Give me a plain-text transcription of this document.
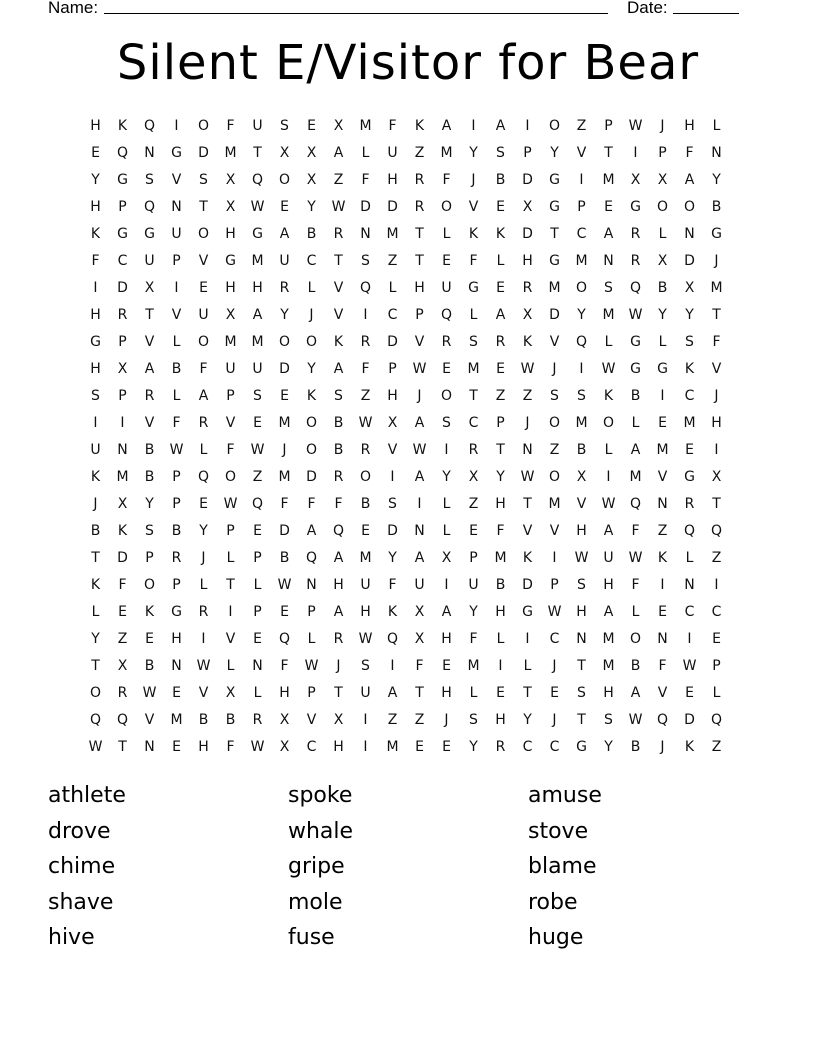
Name:	Date:
Silent E/Visitor for Bear
H	K	Q	I	O	F	U	S	E	X	M	F	K	A	I	A	I	O	Z	P	W	J	H	L
E	Q	N	G	D	M	T	X	X	A	L	U	Z	M	Y	S	P	Y	V	T	I	P	F	N
Y	G	S	V	S	X	Q	O	X	Z	F	H	R	F	J	B	D	G	I	M	X	X	A	Y
H	P	Q	N	T	X	W	E	Y	W	D	D	R	O	V	E	X	G	P	E	G	O	O	B
K	G	G	U	O	H	G	A	B	R	N	M	T	L	K	K	D	T	C	A	R	L	N	G
F	C	U	P	V	G	M	U	C	T	S	Z	T	E	F	L	H	G	M	N	R	X	D	J
I	D	X	I	E	H	H	R	L	V	Q	L	H	U	G	E	R	M	O	S	Q	B	X	M
H	R	T	V	U	X	A	Y	J	V	I	C	P	Q	L	A	X	D	Y	M	W	Y	Y	T
G	P	V	L	O	M	M	O	O	K	R	D	V	R	S	R	K	V	Q	L	G	L	S	F
H	X	A	B	F	U	U	D	Y	A	F	P	W	E	M	E	W	J	I	W	G	G	K	V
S	P	R	L	A	P	S	E	K	S	Z	H	J	O	T	Z	Z	S	S	K	B	I	C	J
I	I	V	F	R	V	E	M	O	B	W	X	A	S	C	P	J	O	M	O	L	E	M	H
U	N	B	W	L	F	W	J	O	B	R	V	W	I	R	T	N	Z	B	L	A	M	E	I
K	M	B	P	Q	O	Z	M	D	R	O	I	A	Y	X	Y	W	O	X	I	M	V	G	X
J	X	Y	P	E	W	Q	F	F	F	B	S	I	L	Z	H	T	M	V	W	Q	N	R	T
B	K	S	B	Y	P	E	D	A	Q	E	D	N	L	E	F	V	V	H	A	F	Z	Q	Q
T	D	P	R	J	L	P	B	Q	A	M	Y	A	X	P	M	K	I	W	U	W	K	L	Z
K	F	O	P	L	T	L	W	N	H	U	F	U	I	U	B	D	P	S	H	F	I	N	I
L	E	K	G	R	I	P	E	P	A	H	K	X	A	Y	H	G	W	H	A	L	E	C	C
Y	Z	E	H	I	V	E	Q	L	R	W	Q	X	H	F	L	I	C	N	M	O	N	I	E
T	X	B	N	W	L	N	F	W	J	S	I	F	E	M	I	L	J	T	M	B	F	W	P
O	R	W	E	V	X	L	H	P	T	U	A	T	H	L	E	T	E	S	H	A	V	E	L
Q	Q	V	M	B	B	R	X	V	X	I	Z	Z	J	S	H	Y	J	T	S	W	Q	D	Q
W	T	N	E	H	F	W	X	C	H	I	M	E	E	Y	R	C	C	G	Y	B	J	K	Z
athlete	spoke	amuse
drove	whale	stove
chime	gripe	blame
shave	mole	robe
hive	fuse	huge
